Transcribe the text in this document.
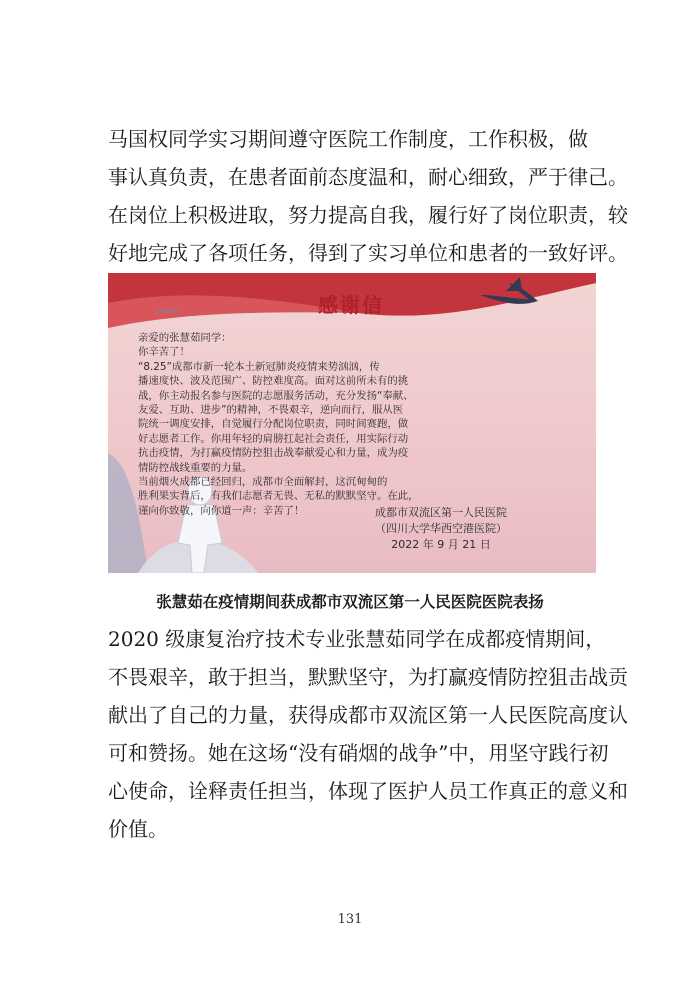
马国权同学实习期间遵守医院工作制度，工作积极，做
事认真负责，在患者面前态度温和，耐心细致，严于律己。
在岗位上积极进取，努力提高自我，履行好了岗位职责，较
好地完成了各项任务，得到了实习单位和患者的一致好评。
感谢信
亲爱的张慧茹同学：
你辛苦了！
“8.25”成都市新一轮本土新冠肺炎疫情来势汹汹，传
播速度快、波及范围广、防控难度高。面对这前所未有的挑
战，你主动报名参与医院的志愿服务活动，充分发扬“奉献、
友爱、互助、进步”的精神，不畏艰辛，逆向而行，服从医
院统一调度安排，自觉履行分配岗位职责，同时间赛跑，做
好志愿者工作。你用年轻的肩膀扛起社会责任，用实际行动
抗击疫情，为打赢疫情防控狙击战奉献爱心和力量，成为疫
情防控战线重要的力量。
当前烟火成都已经回归，成都市全面解封，这沉甸甸的
胜利果实背后，有我们志愿者无畏、无私的默默坚守。在此，
谨向你致敬，向你道一声：辛苦了！	成都市双流区第一人民医院
（四川大学华西空港医院）
2022 年 9 月 21 日
张慧茹在疫情期间获成都市双流区第一人民医院医院表扬
2020 级康复治疗技术专业张慧茹同学在成都疫情期间，
不畏艰辛，敢于担当，默默坚守，为打赢疫情防控狙击战贡
献出了自己的力量，获得成都市双流区第一人民医院高度认
可和赞扬。她在这场“没有硝烟的战争”中，用坚守践行初
心使命，诠释责任担当，体现了医护人员工作真正的意义和
价值。
131
